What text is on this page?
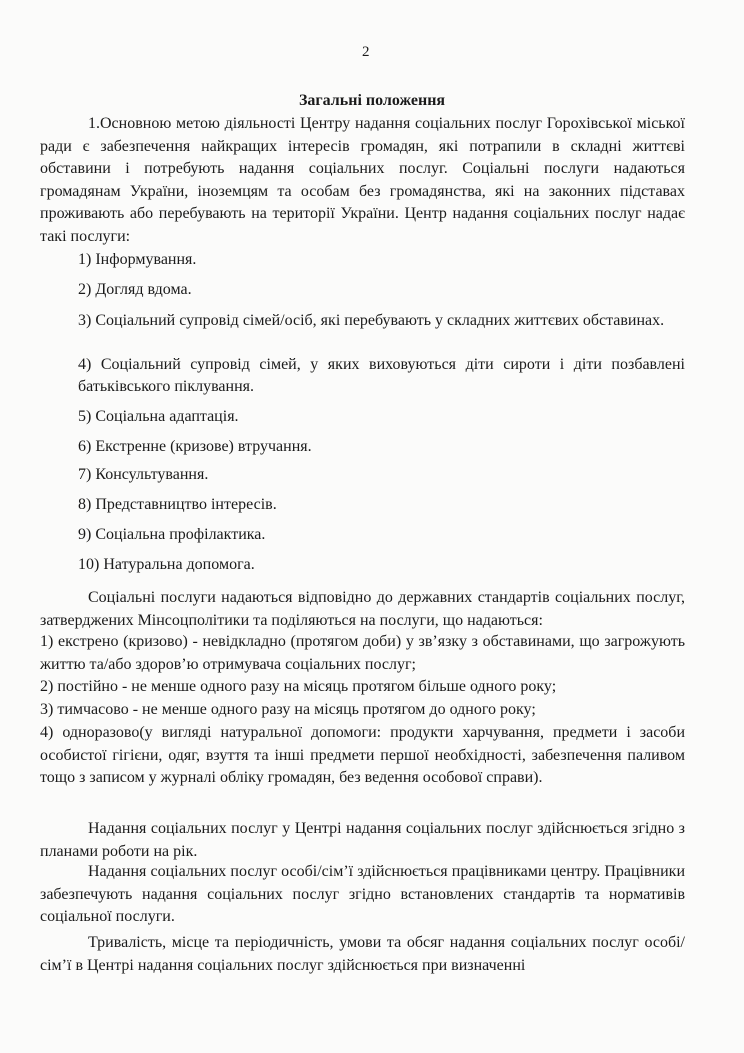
2
Загальні положення

1.Основною метою діяльності Центру надання соціальних послуг Горохівської міської ради є забезпечення найкращих інтересів громадян, які потрапили в складні життєві обставини і потребують надання соціальних послуг. Соціальні послуги надаються громадянам України, іноземцям та особам без громадянства, які на законних підставах проживають або перебувають на території України. Центр надання соціальних послуг надає такі послуги:

1) Інформування.

2) Догляд вдома.

3) Соціальний супровід сімей/осіб, які перебувають у складних життєвих обставинах.

4) Соціальний супровід сімей, у яких виховуються діти сироти і діти позбавлені батьківського піклування.

5) Соціальна адаптація.

6) Екстренне (кризове) втручання.

7) Консультування.

8) Представництво інтересів.

9) Соціальна профілактика.

10) Натуральна допомога.

Соціальні послуги надаються відповідно до державних стандартів соціальних послуг, затверджених Мінсоцполітики та поділяються на послуги, що надаються:

1) екстрено (кризово) - невідкладно (протягом доби) у зв’язку з обставинами, що загрожують життю та/або здоров’ю отримувача соціальних послуг;

2) постійно - не менше одного разу на місяць протягом більше одного року;

3) тимчасово - не менше одного разу на місяць протягом до одного року;

4) одноразово(у вигляді натуральної допомоги: продукти харчування, предмети і засоби особистої гігієни, одяг, взуття та інші предмети першої необхідності, забезпечення паливом тощо з записом у журналі обліку громадян, без ведення особової справи).

Надання соціальних послуг у Центрі надання соціальних послуг здійснюється згідно з планами роботи на рік.

Надання соціальних послуг особі/сім’ї здійснюється працівниками центру. Працівники забезпечують надання соціальних послуг згідно встановлених стандартів та нормативів соціальної послуги.

Тривалість, місце та періодичність, умови та обсяг надання соціальних послуг особі/сім’ї в Центрі надання соціальних послуг здійснюється при визначенні
